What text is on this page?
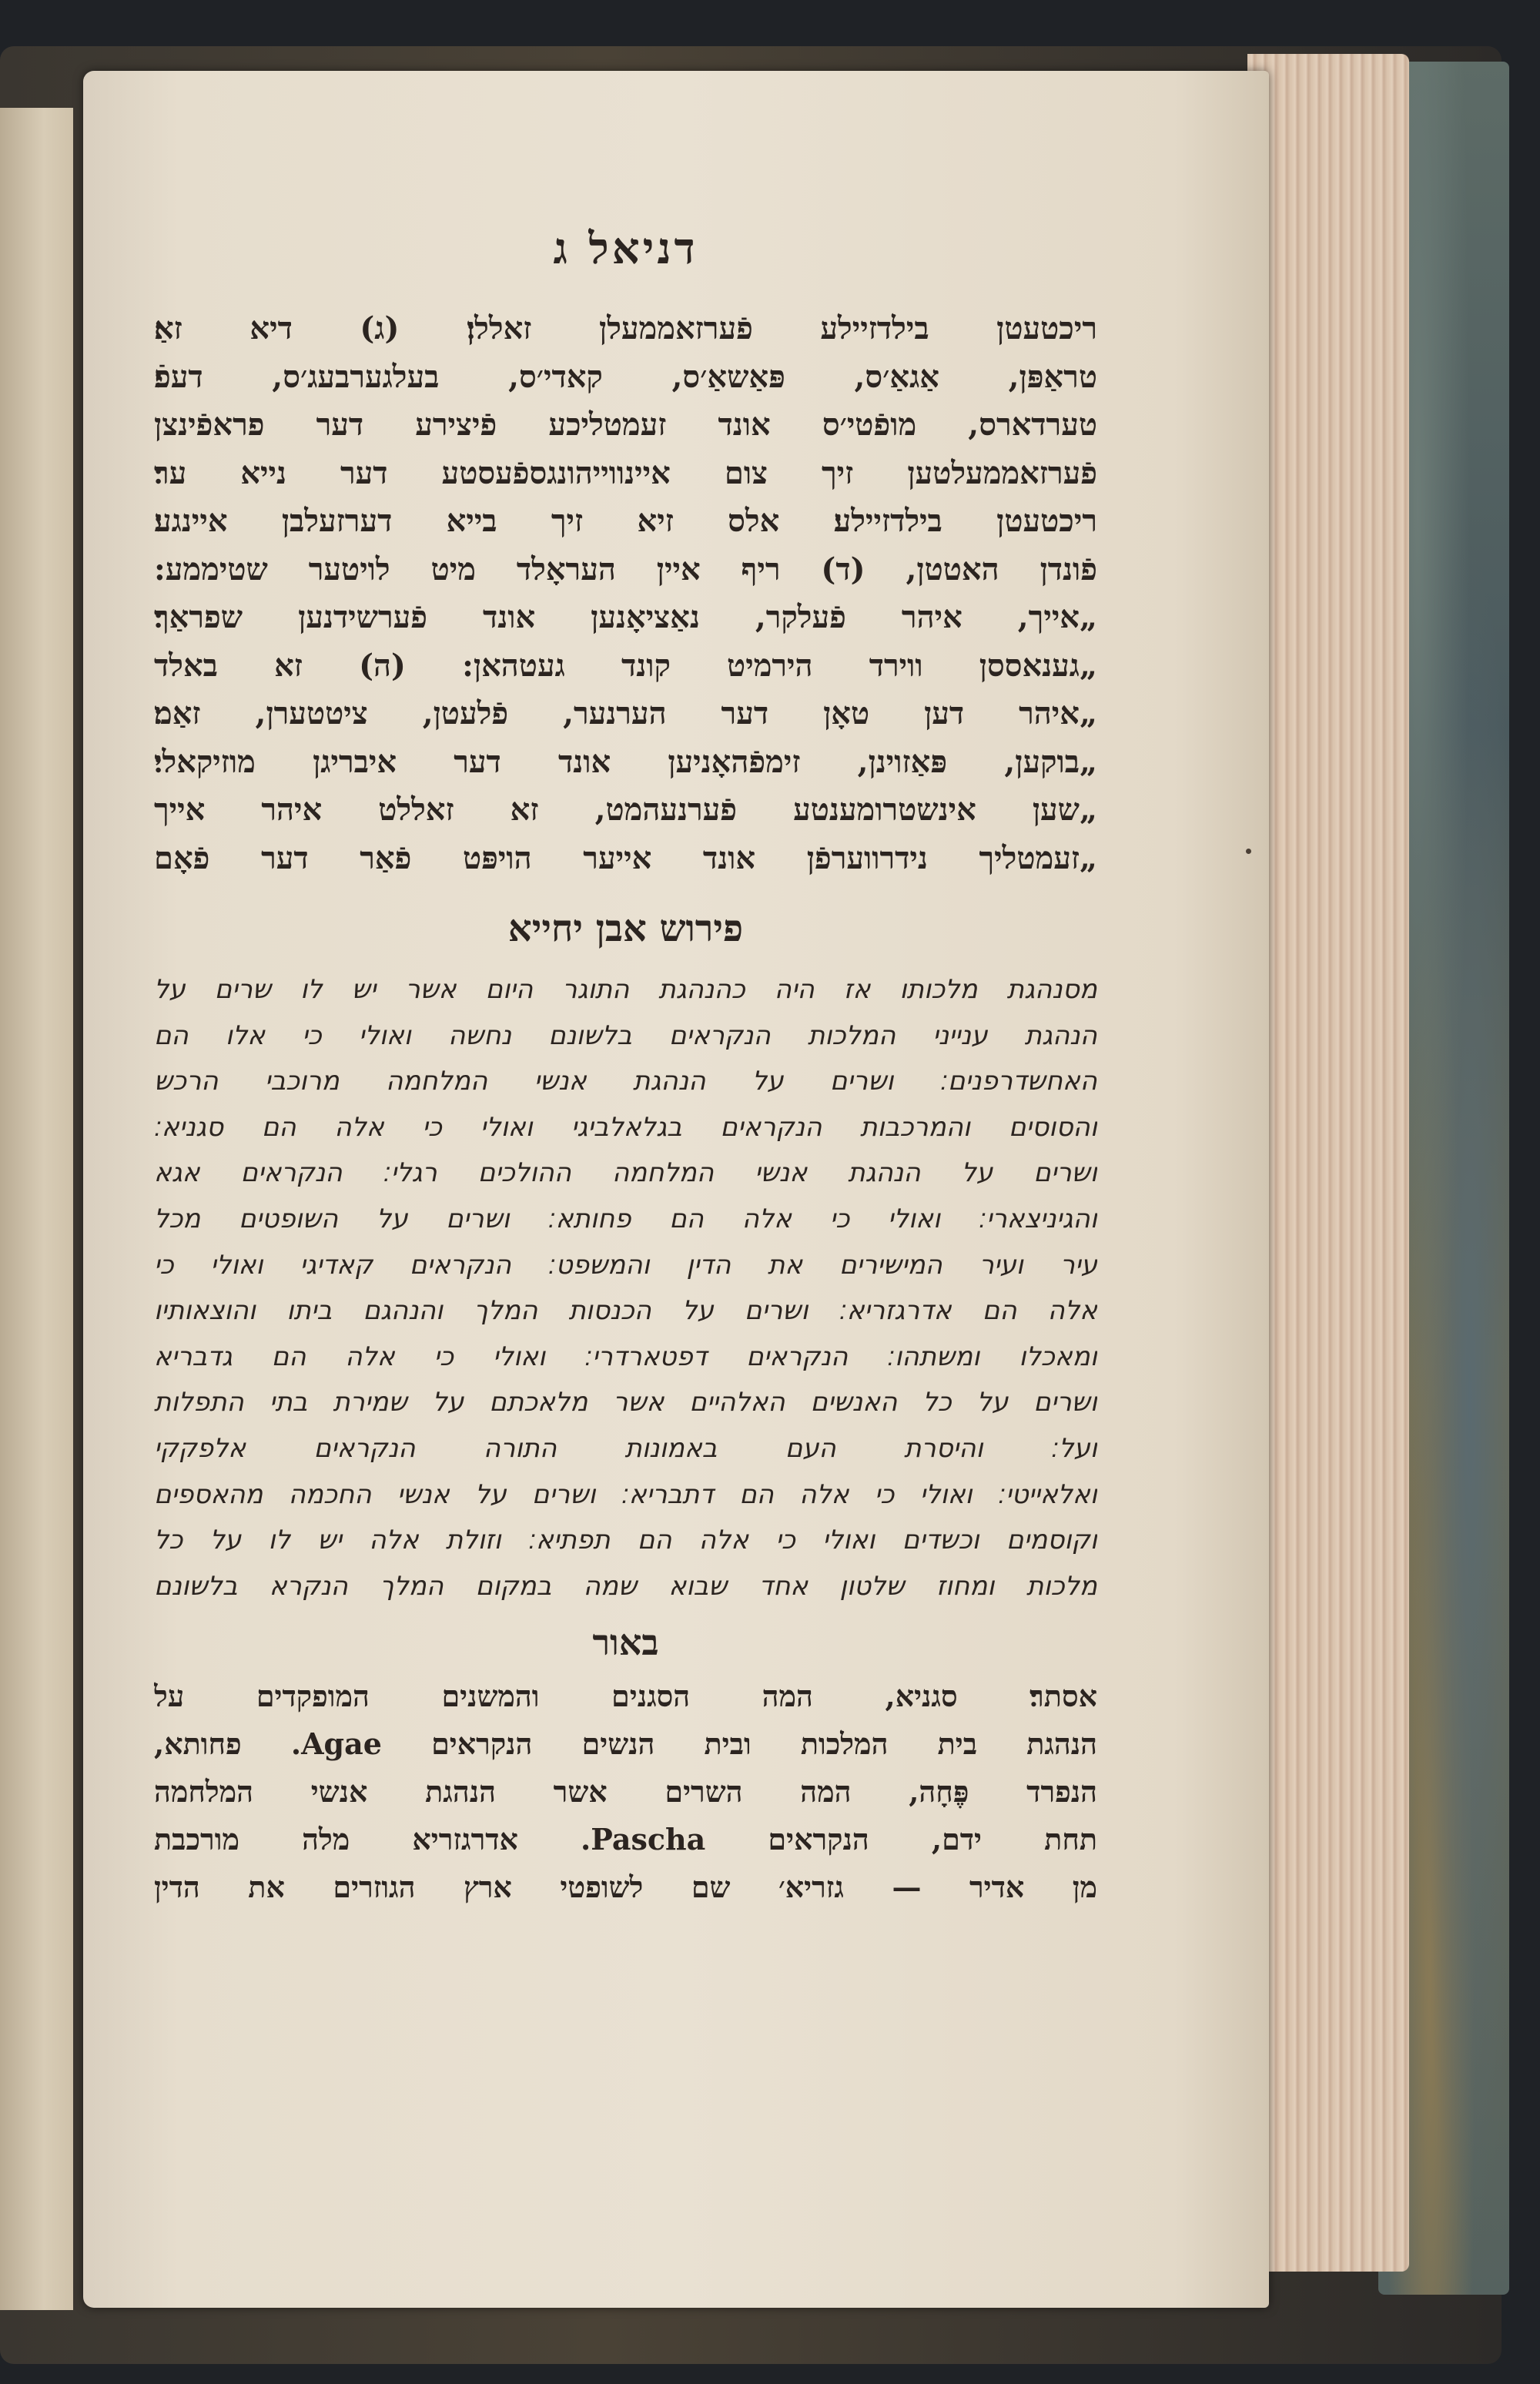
דניאל ג
ריכטעטן בילדזיילע פֿערזאממעלן זאללן׃ (ג) דיא זאַ׃
טראַפּן, אַגאַ׳ס, פּאַשאַ׳ס, קאדי׳ס, בעלגערבעג׳ס, דעפֿ׃
טערדארס, מופֿטי׳ס אונד זעמטליכע פֿיצירע דער פראפֿינצן
פֿערזאממעלטען זיך צום איינווייהונגספֿעסטע דער נייא ער׃
ריכטעטן בילדזיילע׃ אלס זיא זיך בייא דערזעלבן איינגע׃
פֿונדן האטטן, (ד) ריף איין העראָלד מיט לויטער שטיממע:
„אייך, איהר פֿעלקר, נאַציאָנען אונד פֿערשידנען שפראַך׃
„גענאססן ווירד הירמיט קונד געטהאן: (ה) זא באלד
„איהר דען טאָן דער הערנער, פֿלעטן, ציטטערן, זאַמ׃
„בוקען, פּאַזוינן, זימפֿהאָניען אונד דער איבריגן מוזיקאלי׃
„שען אינשטרומענטע פֿערנעהמט, זא זאללט איהר אייך
„זעמטליך נידרווערפֿן אונד אייער הויפּט פֿאַר דער פֿאָם
פירוש אבן יחייא
מסנהגת מלכותו אז היה כהנהגת התוגר היום אשר יש לו שרים על
הנהגת ענייני המלכות הנקראים בלשונם נחשה ואולי כי אלו הם
האחשדרפנים׃ ושרים על הנהגת אנשי המלחמה מרוכבי הרכש
והסוסים והמרכבות הנקראים בגלאלביגי ואולי כי אלה הם סגניא׃
ושרים על הנהגת אנשי המלחמה ההולכים רגלי׃ הנקראים אגא
והגיניצארי׃ ואולי כי אלה הם פחותא׃ ושרים על השופטים מכל
עיר ועיר המישירים את הדין והמשפט׃ הנקראים קאדיגי ואולי כי
אלה הם אדרגזריא׃ ושרים על הכנסות המלך והנהגם ביתו והוצאותיו
ומאכלו ומשתהו׃ הנקראים דפטארדרי׃ ואולי כי אלה הם גדבריא
ושרים על כל האנשים האלהיים אשר מלאכתם על שמירת בתי התפלות
ועל׃ והיסרת העם באמונות התורה הנקראים אלפקקי
ואלאייטי׃ ואולי כי אלה הם דתבריא׃ ושרים על אנשי החכמה מהאספים
וקוסמים וכשדים ואולי כי אלה הם תפתיא׃ וזולת אלה יש לו על כל
מלכות ומחוז שלטון אחד שבוא שמה במקום המלך הנקרא בלשונם
באור
אסתר׃ סגניא, המה הסגנים והמשנים המופקדים על
הנהגת בית המלכות ובית הנשים הנקראים Agae. פחותא,
הנפרד פֶּחָה, המה השרים אשר הנהגת אנשי המלחמה
תחת ידם, הנקראים Pascha. אדרגזריא מלה מורכבת
מן אדיר — גזריא׳ שם לשופטי ארץ הגוזרים את הדין
